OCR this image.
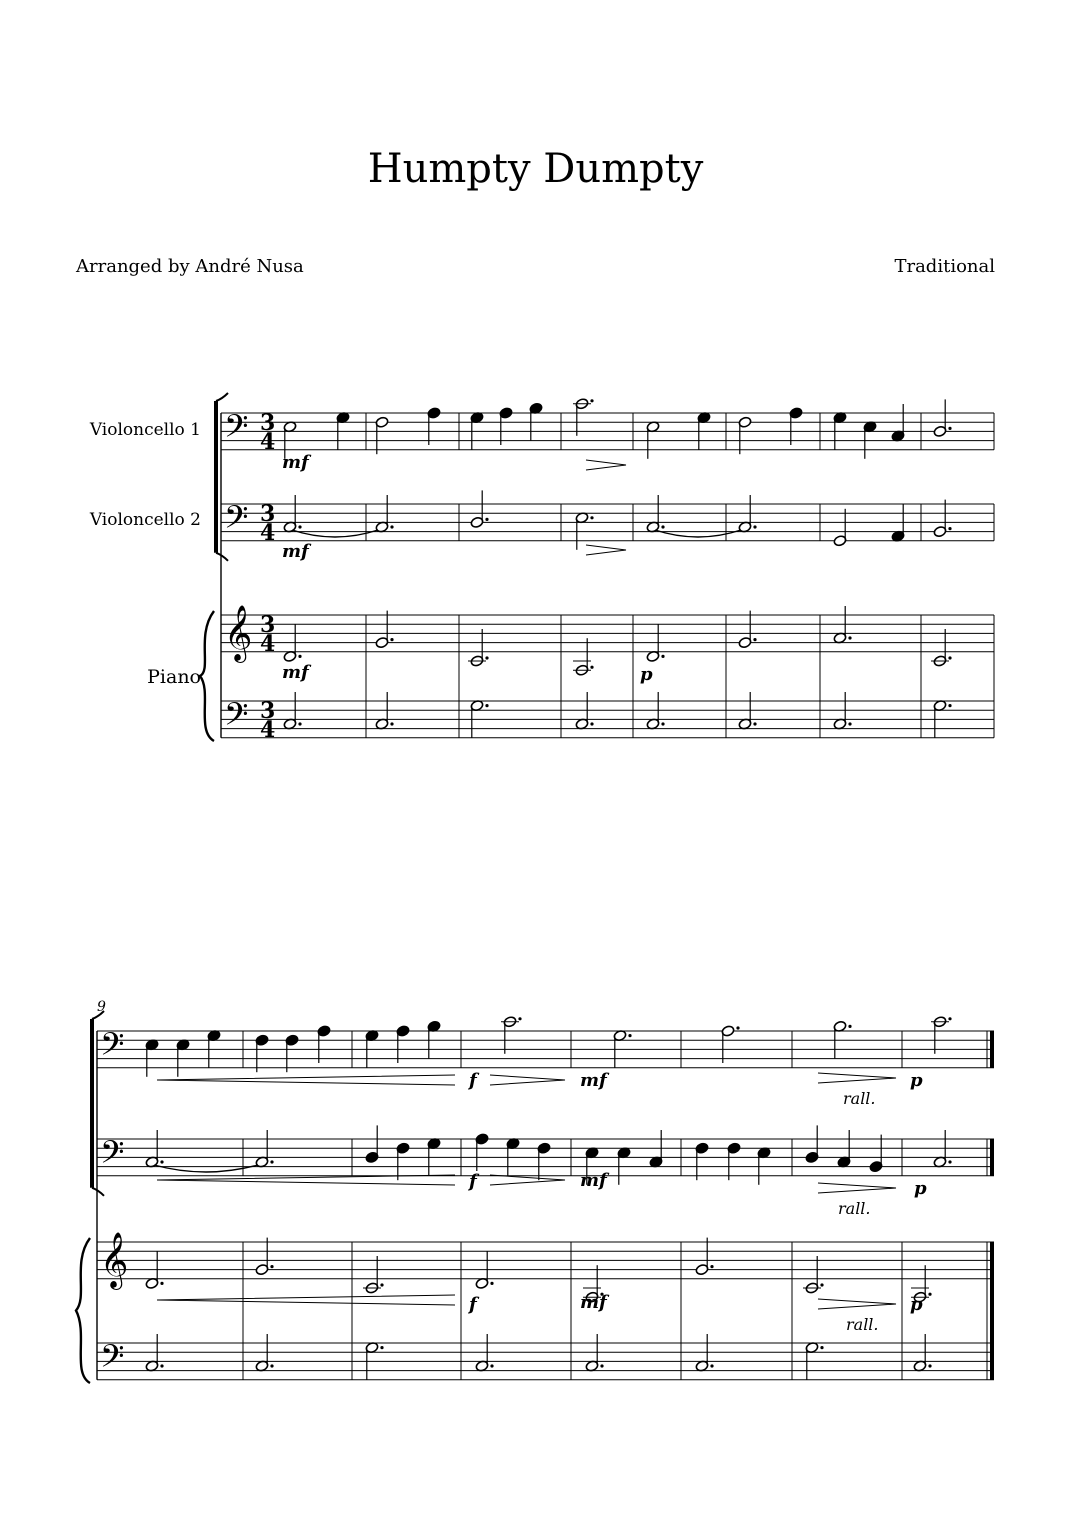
Humpty Dumpty
Arranged by André Nusa	Traditional
Violoncello 1
Violoncello 2
Piano
𝄢
𝄢
𝄞
𝄢
3
4
3
4
3
4
3
4
𝄢
𝄢
𝄞
𝄢
mf
mf
mf	p
9
f	mf
rall.
p
f	mf
rall.
p
f	mf
rall.
p
